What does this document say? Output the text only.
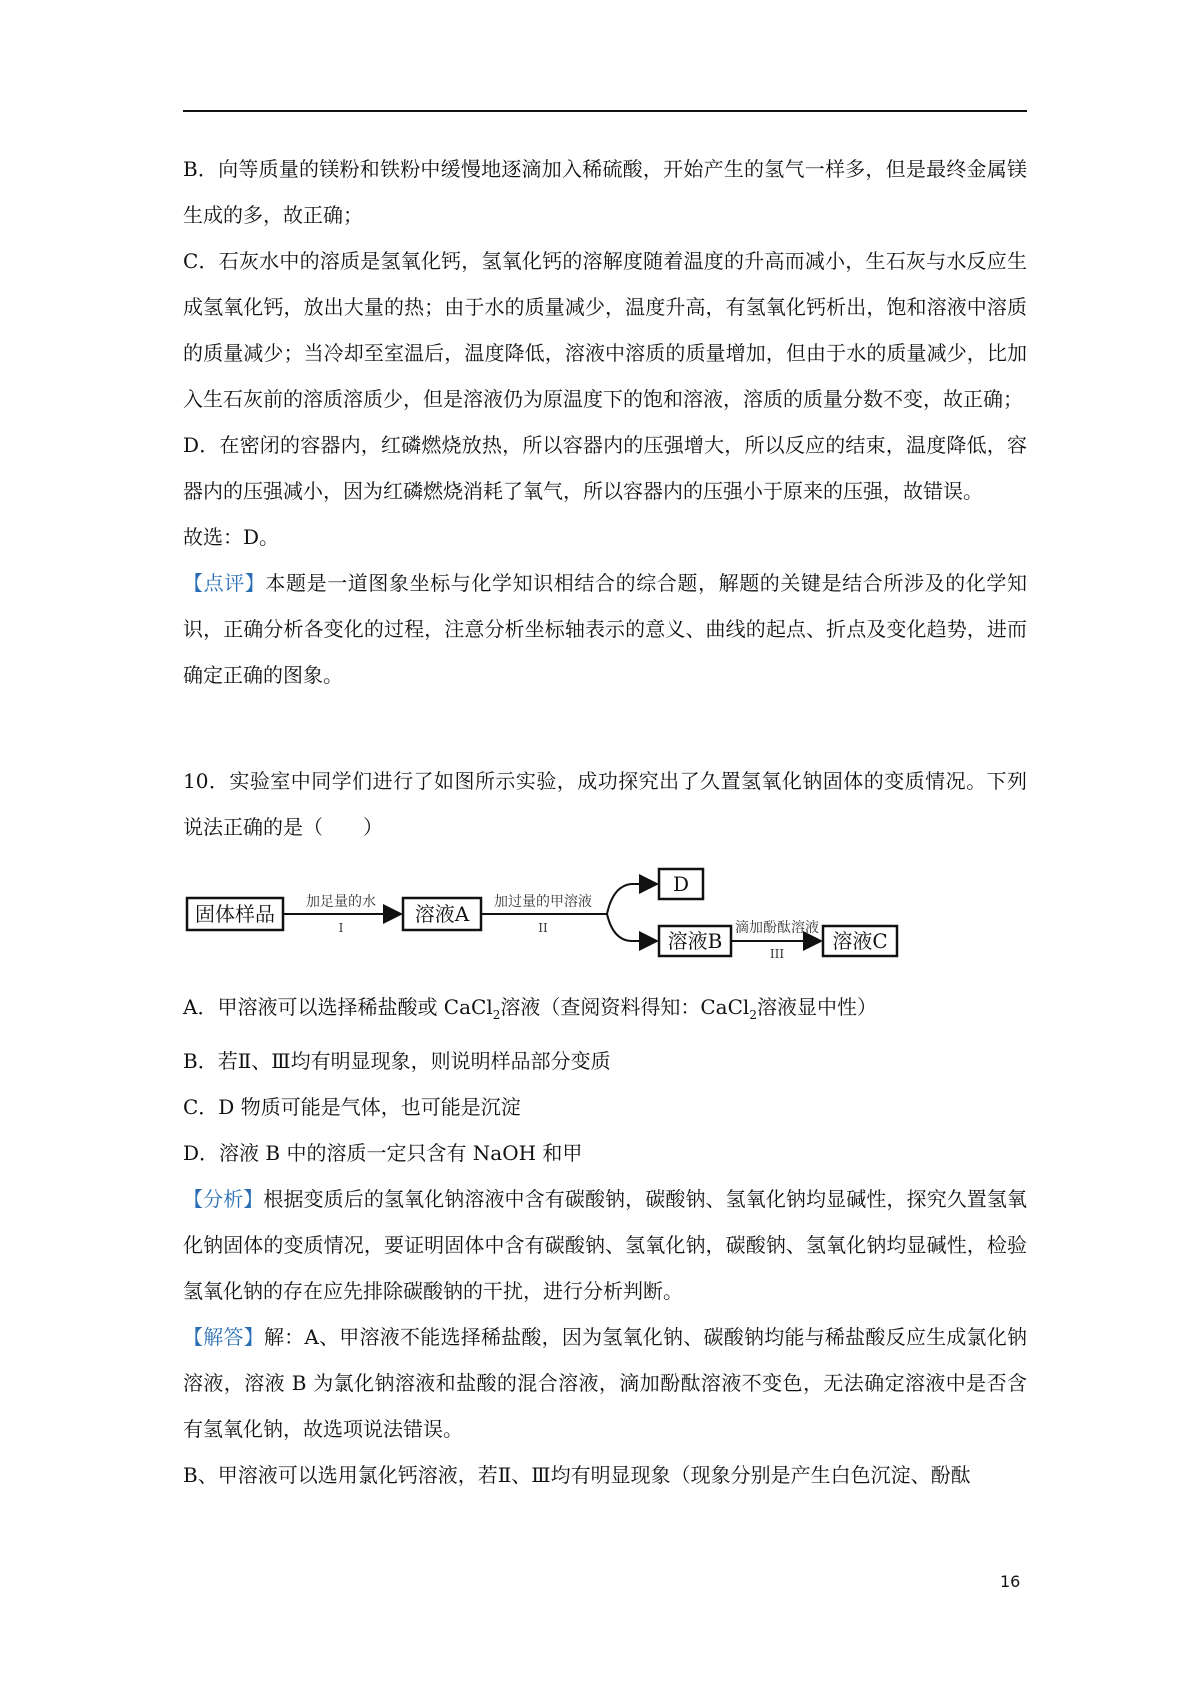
B．向等质量的镁粉和铁粉中缓慢地逐滴加入稀硫酸，开始产生的氢气一样多，但是最终金属镁生成的多，故正确；

C．石灰水中的溶质是氢氧化钙，氢氧化钙的溶解度随着温度的升高而减小，生石灰与水反应生成氢氧化钙，放出大量的热；由于水的质量减少，温度升高，有氢氧化钙析出，饱和溶液中溶质的质量减少；当冷却至室温后，温度降低，溶液中溶质的质量增加，但由于水的质量减少，比加入生石灰前的溶质溶质少，但是溶液仍为原温度下的饱和溶液，溶质的质量分数不变，故正确；

D．在密闭的容器内，红磷燃烧放热，所以容器内的压强增大，所以反应的结束，温度降低，容器内的压强减小，因为红磷燃烧消耗了氧气，所以容器内的压强小于原来的压强，故错误。

故选：D。

【点评】本题是一道图象坐标与化学知识相结合的综合题，解题的关键是结合所涉及的化学知识，正确分析各变化的过程，注意分析坐标轴表示的意义、曲线的起点、折点及变化趋势，进而确定正确的图象。

10．实验室中同学们进行了如图所示实验，成功探究出了久置氢氧化钠固体的变质情况。下列说法正确的是（　　）

固体样品	溶液A
D
溶液B	溶液C
加足量的水
I
加过量的甲溶液
II	滴加酚酞溶液
III

A．甲溶液可以选择稀盐酸或 CaCl$_2$溶液（查阅资料得知：CaCl$_2$溶液显中性）

B．若Ⅱ、Ⅲ均有明显现象，则说明样品部分变质

C．D 物质可能是气体，也可能是沉淀

D．溶液 B 中的溶质一定只含有 NaOH 和甲

【分析】根据变质后的氢氧化钠溶液中含有碳酸钠，碳酸钠、氢氧化钠均显碱性，探究久置氢氧化钠固体的变质情况，要证明固体中含有碳酸钠、氢氧化钠，碳酸钠、氢氧化钠均显碱性，检验氢氧化钠的存在应先排除碳酸钠的干扰，进行分析判断。

【解答】解：A、甲溶液不能选择稀盐酸，因为氢氧化钠、碳酸钠均能与稀盐酸反应生成氯化钠溶液，溶液 B 为氯化钠溶液和盐酸的混合溶液，滴加酚酞溶液不变色，无法确定溶液中是否含有氢氧化钠，故选项说法错误。

B、甲溶液可以选用氯化钙溶液，若Ⅱ、Ⅲ均有明显现象（现象分别是产生白色沉淀、酚酞

16
